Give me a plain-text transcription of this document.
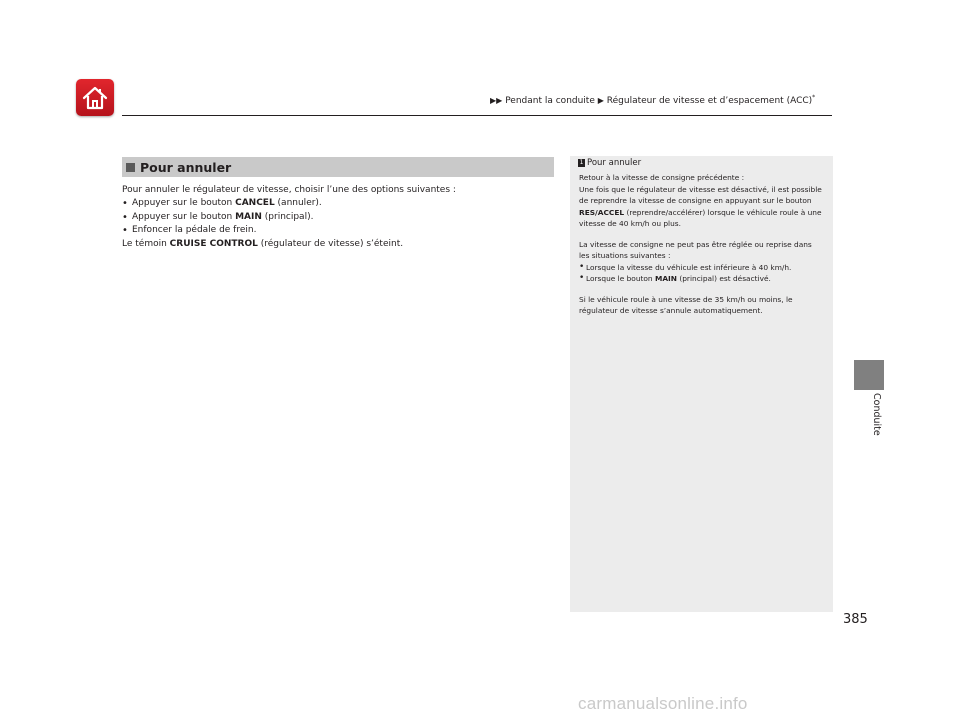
▶▶ Pendant la conduite ▶ Régulateur de vitesse et d’espacement (ACC)*
Pour annuler

Pour annuler le régulateur de vitesse, choisir l’une des options suivantes :

• Appuyer sur le bouton CANCEL (annuler).
• Appuyer sur le bouton MAIN (principal).
• Enfoncer la pédale de frein.

Le témoin CRUISE CONTROL (régulateur de vitesse) s’éteint.

1 Pour annuler

Retour à la vitesse de consigne précédente :

Une fois que le régulateur de vitesse est désactivé, il est possible de reprendre la vitesse de consigne en appuyant sur le bouton RES/ACCEL (reprendre/accélérer) lorsque le véhicule roule à une vitesse de 40 km/h ou plus.

La vitesse de consigne ne peut pas être réglée ou reprise dans les situations suivantes :

• Lorsque la vitesse du véhicule est inférieure à 40 km/h.
• Lorsque le bouton MAIN (principal) est désactivé.

Si le véhicule roule à une vitesse de 35 km/h ou moins, le régulateur de vitesse s’annule automatiquement.

Conduite
385
carmanualsonline.info
